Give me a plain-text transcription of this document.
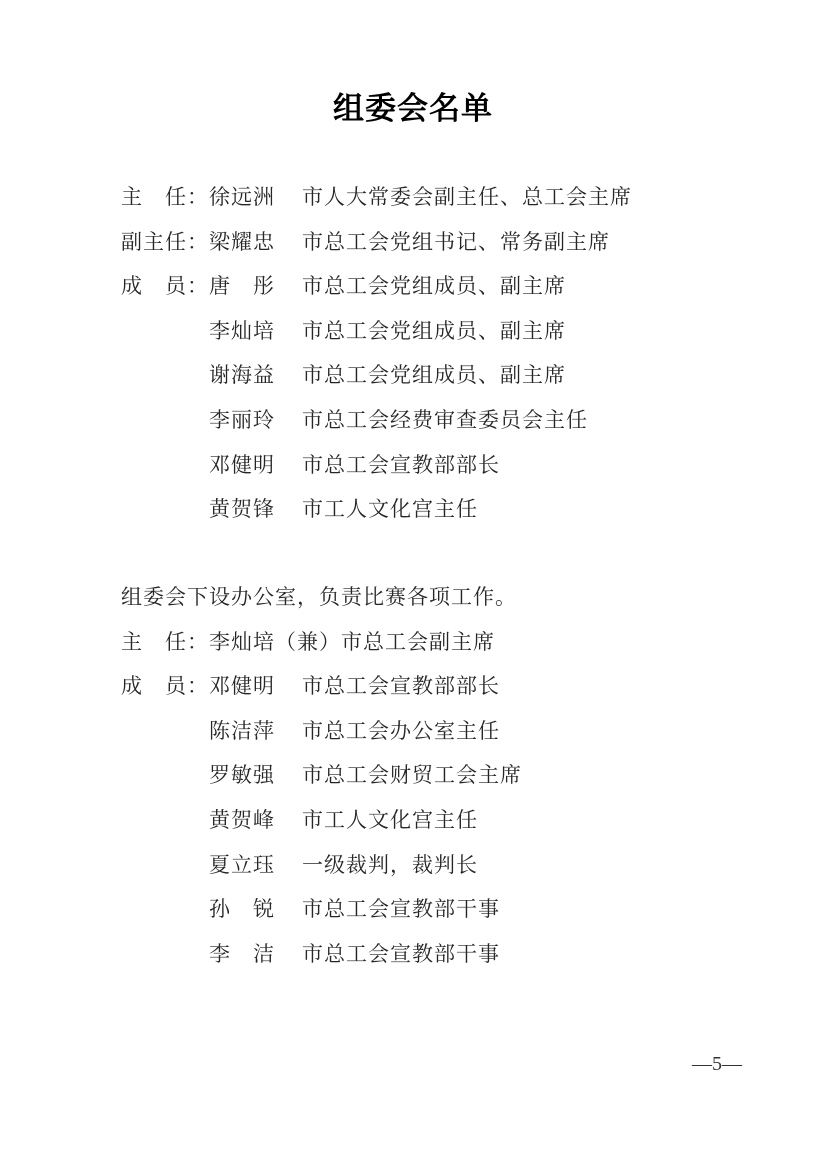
组委会名单
主　任： 徐远洲	市人大常委会副主任、总工会主席
副主任： 梁耀忠	市总工会党组书记、常务副主席
成　员： 唐　彤	市总工会党组成员、副主席
李灿培	市总工会党组成员、副主席
谢海益	市总工会党组成员、副主席
李丽玲	市总工会经费审查委员会主任
邓健明	市总工会宣教部部长
黄贺锋	市工人文化宫主任
组委会下设办公室，负责比赛各项工作。
主　任： 李灿培（兼）市总工会副主席
成　员： 邓健明	市总工会宣教部部长
陈洁萍	市总工会办公室主任
罗敏强	市总工会财贸工会主席
黄贺峰	市工人文化宫主任
夏立珏	一级裁判，裁判长
孙　锐	市总工会宣教部干事
李　洁	市总工会宣教部干事
—5—
